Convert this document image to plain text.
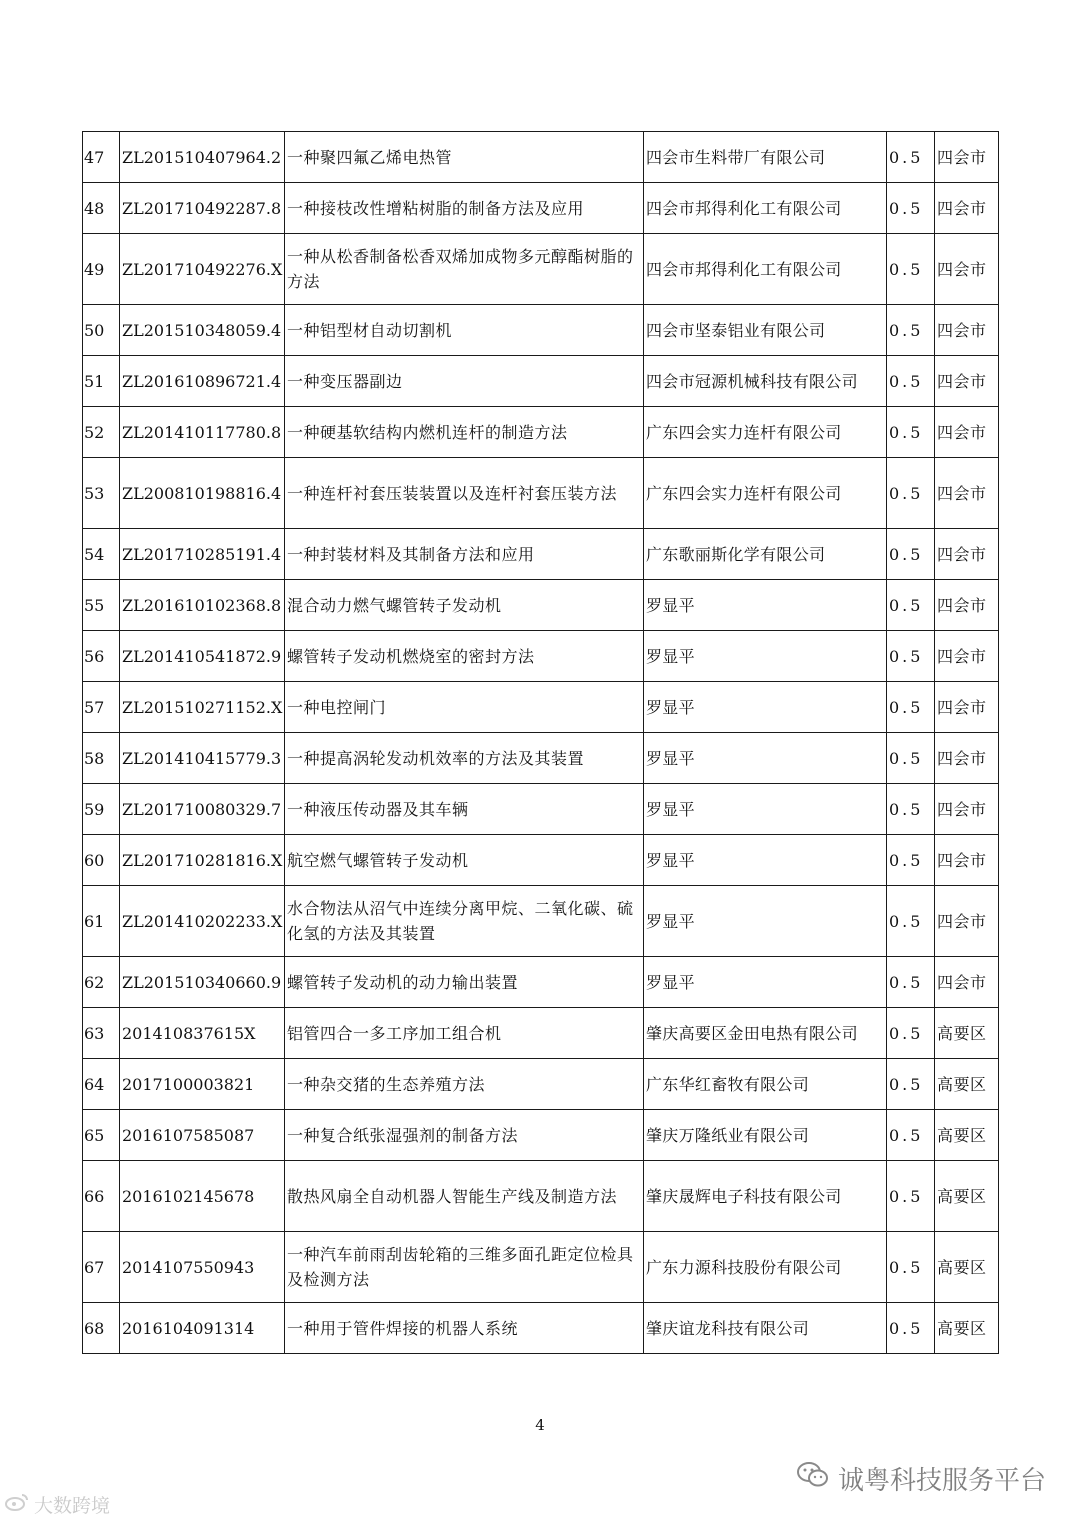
47	ZL201510407964.2	一种聚四氟乙烯电热管	四会市生料带厂有限公司	0.5	四会市
48	ZL201710492287.8	一种接枝改性增粘树脂的制备方法及应用	四会市邦得利化工有限公司	0.5	四会市
49	ZL201710492276.X	一种从松香制备松香双烯加成物多元醇酯树脂的方法	四会市邦得利化工有限公司	0.5	四会市
50	ZL201510348059.4	一种铝型材自动切割机	四会市坚泰铝业有限公司	0.5	四会市
51	ZL201610896721.4	一种变压器副边	四会市冠源机械科技有限公司	0.5	四会市
52	ZL201410117780.8	一种硬基软结构内燃机连杆的制造方法	广东四会实力连杆有限公司	0.5	四会市
53	ZL200810198816.4	一种连杆衬套压装装置以及连杆衬套压装方法	广东四会实力连杆有限公司	0.5	四会市
54	ZL201710285191.4	一种封装材料及其制备方法和应用	广东歌丽斯化学有限公司	0.5	四会市
55	ZL201610102368.8	混合动力燃气螺管转子发动机	罗显平	0.5	四会市
56	ZL201410541872.9	螺管转子发动机燃烧室的密封方法	罗显平	0.5	四会市
57	ZL201510271152.X	一种电控闸门	罗显平	0.5	四会市
58	ZL201410415779.3	一种提高涡轮发动机效率的方法及其装置	罗显平	0.5	四会市
59	ZL201710080329.7	一种液压传动器及其车辆	罗显平	0.5	四会市
60	ZL201710281816.X	航空燃气螺管转子发动机	罗显平	0.5	四会市
61	ZL201410202233.X	水合物法从沼气中连续分离甲烷、二氧化碳、硫化氢的方法及其装置	罗显平	0.5	四会市
62	ZL201510340660.9	螺管转子发动机的动力输出装置	罗显平	0.5	四会市
63	201410837615X	铝管四合一多工序加工组合机	肇庆高要区金田电热有限公司	0.5	高要区
64	2017100003821	一种杂交猪的生态养殖方法	广东华红畜牧有限公司	0.5	高要区
65	2016107585087	一种复合纸张湿强剂的制备方法	肇庆万隆纸业有限公司	0.5	高要区
66	2016102145678	散热风扇全自动机器人智能生产线及制造方法	肇庆晟辉电子科技有限公司	0.5	高要区
67	2014107550943	一种汽车前雨刮齿轮箱的三维多面孔距定位检具及检测方法	广东力源科技股份有限公司	0.5	高要区
68	2016104091314	一种用于管件焊接的机器人系统	肇庆谊龙科技有限公司	0.5	高要区
4
诚粤科技服务平台
大数跨境
